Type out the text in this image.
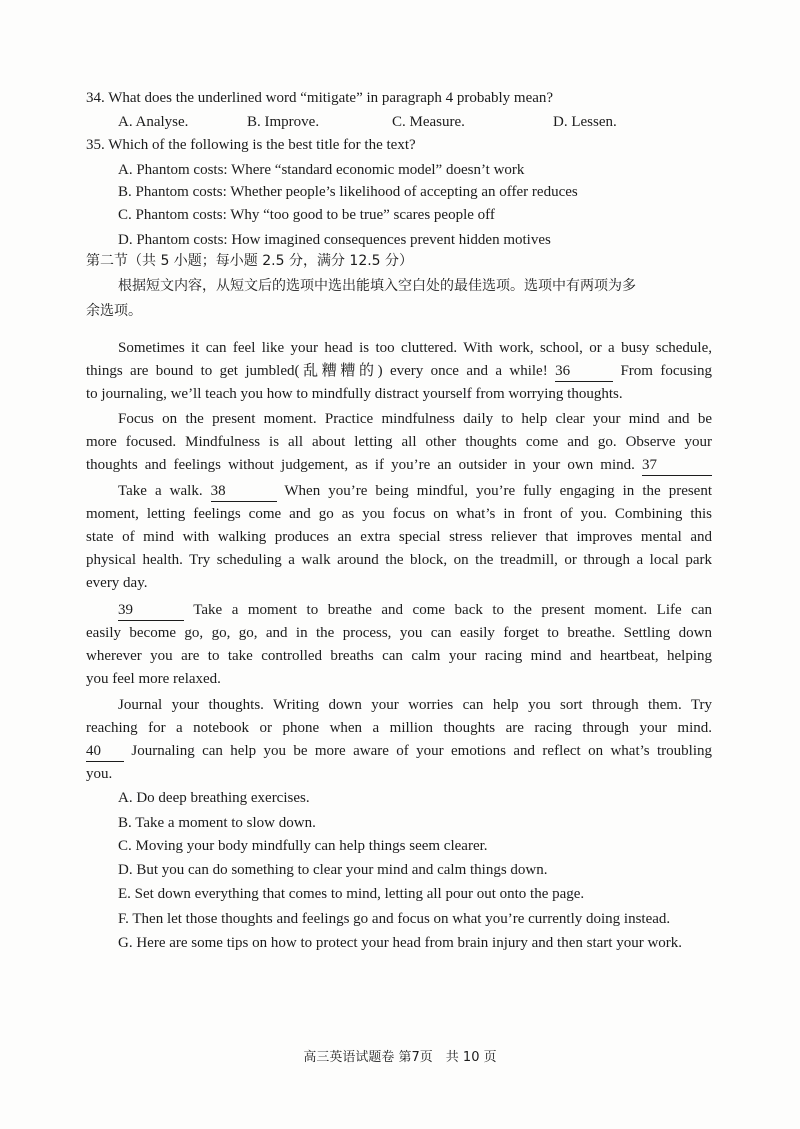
34. What does the underlined word “mitigate” in paragraph 4 probably mean?
A. Analyse.	B. Improve.	C. Measure.	D. Lessen.
35. Which of the following is the best title for the text?
A. Phantom costs: Where “standard economic model” doesn’t work
B. Phantom costs: Whether people’s likelihood of accepting an offer reduces
C. Phantom costs: Why “too good to be true” scares people off
D. Phantom costs: How imagined consequences prevent hidden motives
第二节（共 5 小题；每小题 2.5 分，满分 12.5 分）
根据短文内容，从短文后的选项中选出能填入空白处的最佳选项。选项中有两项为多
余选项。
Sometimes it can feel like your head is too cluttered. With work, school, or a busy schedule,
things are bound to get jumbled(乱糟糟的) every once and a while! 36	From focusing
to journaling, we’ll teach you how to mindfully distract yourself from worrying thoughts.
Focus on the present moment. Practice mindfulness daily to help clear your mind and be
more focused. Mindfulness is all about letting all other thoughts come and go. Observe your
thoughts and feelings without judgement, as if you’re an outsider in your own mind. 37
Take a walk. 38	When you’re being mindful, you’re fully engaging in the present
moment, letting feelings come and go as you focus on what’s in front of you. Combining this
state of mind with walking produces an extra special stress reliever that improves mental and
physical health. Try scheduling a walk around the block, on the treadmill, or through a local park
every day.
39	Take a moment to breathe and come back to the present moment. Life can
easily become go, go, go, and in the process, you can easily forget to breathe. Settling down
wherever you are to take controlled breaths can calm your racing mind and heartbeat, helping
you feel more relaxed.
Journal your thoughts. Writing down your worries can help you sort through them. Try
reaching for a notebook or phone when a million thoughts are racing through your mind.
40 Journaling can help you be more aware of your emotions and reflect on what’s troubling
you.
A. Do deep breathing exercises.
B. Take a moment to slow down.
C. Moving your body mindfully can help things seem clearer.
D. But you can do something to clear your mind and calm things down.
E. Set down everything that comes to mind, letting all pour out onto the page.
F. Then let those thoughts and feelings go and focus on what you’re currently doing instead.
G. Here are some tips on how to protect your head from brain injury and then start your work.
高三英语试题卷 第7页　共 10 页
